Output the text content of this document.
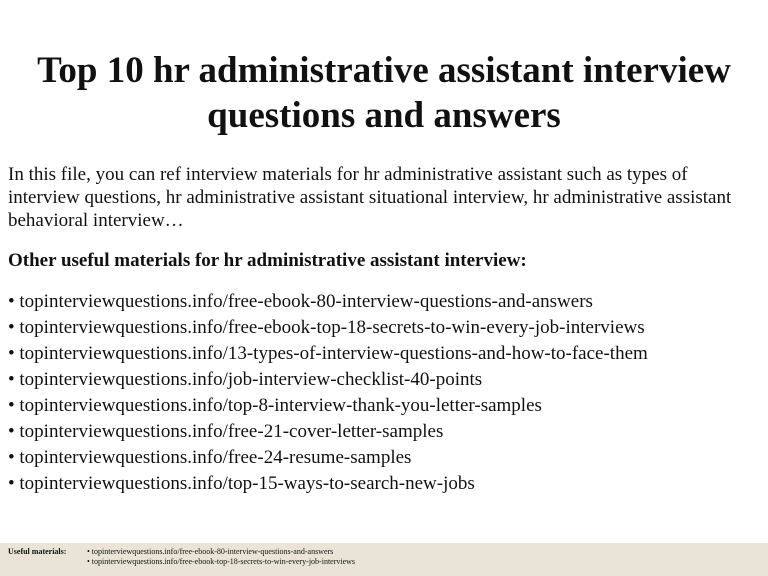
Top 10 hr administrative assistant interview
questions and answers

In this file, you can ref interview materials for hr administrative assistant such as types of interview questions, hr administrative assistant situational interview, hr administrative assistant behavioral interview…

Other useful materials for hr administrative assistant interview:

• topinterviewquestions.info/free-ebook-80-interview-questions-and-answers
• topinterviewquestions.info/free-ebook-top-18-secrets-to-win-every-job-interviews
• topinterviewquestions.info/13-types-of-interview-questions-and-how-to-face-them
• topinterviewquestions.info/job-interview-checklist-40-points
• topinterviewquestions.info/top-8-interview-thank-you-letter-samples
• topinterviewquestions.info/free-21-cover-letter-samples
• topinterviewquestions.info/free-24-resume-samples
• topinterviewquestions.info/top-15-ways-to-search-new-jobs
Useful materials:	• topinterviewquestions.info/free-ebook-80-interview-questions-and-answers
• topinterviewquestions.info/free-ebook-top-18-secrets-to-win-every-job-interviews
